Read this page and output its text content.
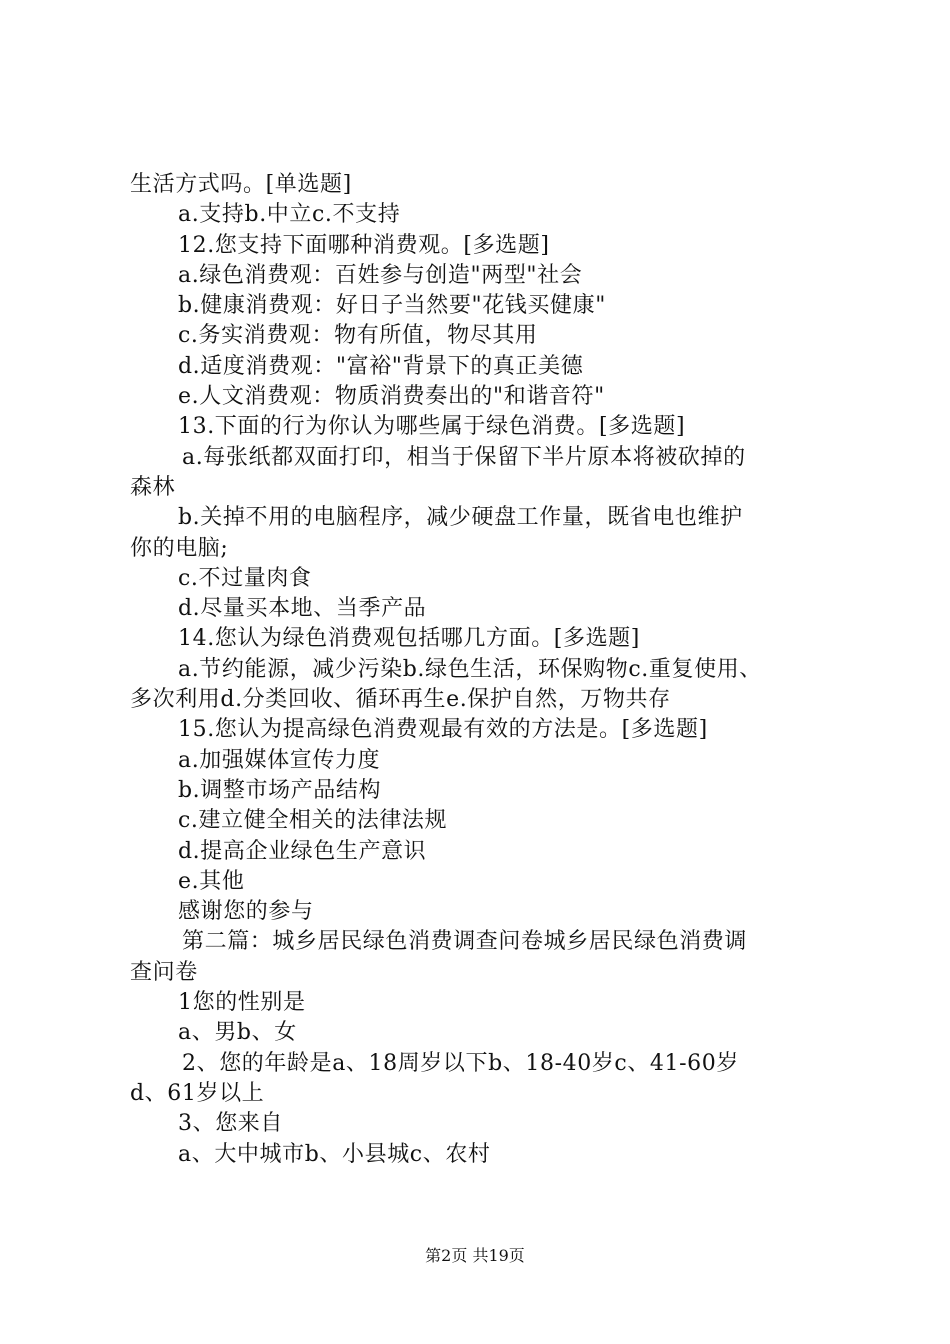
生活方式吗。[单选题]
a.支持b.中立c.不支持
12.您支持下面哪种消费观。[多选题]
a.绿色消费观：百姓参与创造"两型"社会
b.健康消费观：好日子当然要"花钱买健康"
c.务实消费观：物有所值，物尽其用
d.适度消费观："富裕"背景下的真正美德
e.人文消费观：物质消费奏出的"和谐音符"
13.下面的行为你认为哪些属于绿色消费。[多选题]
a.每张纸都双面打印，相当于保留下半片原本将被砍掉的
森林
b.关掉不用的电脑程序，减少硬盘工作量，既省电也维护
你的电脑;
c.不过量肉食
d.尽量买本地、当季产品
14.您认为绿色消费观包括哪几方面。[多选题]
a.节约能源，减少污染b.绿色生活，环保购物c.重复使用、
多次利用d.分类回收、循环再生e.保护自然，万物共存
15.您认为提高绿色消费观最有效的方法是。[多选题]
a.加强媒体宣传力度
b.调整市场产品结构
c.建立健全相关的法律法规
d.提高企业绿色生产意识
e.其他
感谢您的参与
第二篇：城乡居民绿色消费调查问卷城乡居民绿色消费调
查问卷
1您的性别是
a、男b、女
2、您的年龄是a、18周岁以下b、18-40岁c、41-60岁
d、61岁以上
3、您来自
a、大中城市b、小县城c、农村
第2页 共19页
